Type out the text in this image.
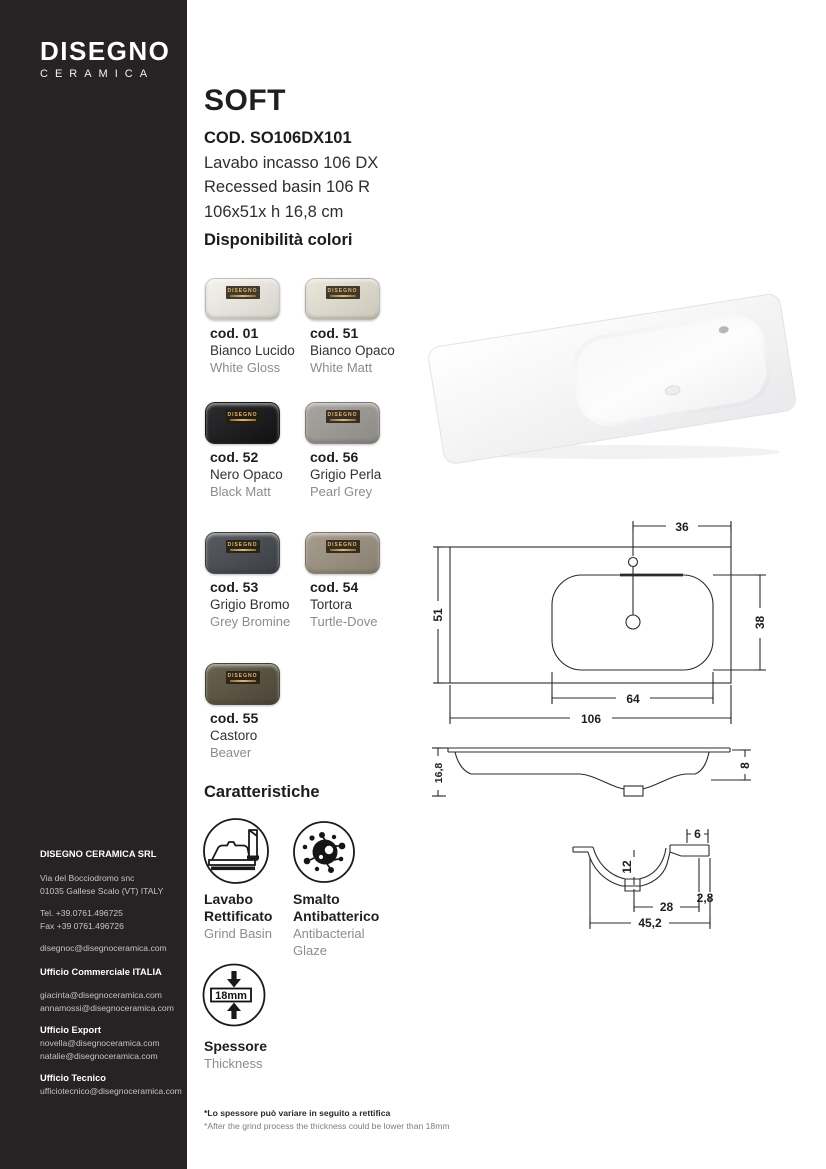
DISEGNO
CERAMICA
DISEGNO CERAMICA SRL
Via del Bocciodromo snc
01035 Gallese Scalo (VT) ITALY
Tel. +39.0761.496725
Fax +39 0761.496726
disegnoc@disegnoceramica.com
Ufficio Commerciale ITALIA
giacinta@disegnoceramica.com
annamossi@disegnoceramica.com
Ufficio Export
novella@disegnoceramica.com
natalie@disegnoceramica.com
Ufficio Tecnico
ufficiotecnico@disegnoceramica.com
SOFT
COD. SO106DX101
Lavabo incasso 106 DX
Recessed basin 106 R
106x51x h 16,8 cm
Disponibilità colori
DISEGNO
cod. 01
Bianco Lucido
White Gloss
DISEGNO
cod. 51
Bianco Opaco
White Matt
DISEGNO
cod. 52
Nero Opaco
Black Matt
DISEGNO
cod. 56
Grigio Perla
Pearl Grey
DISEGNO
cod. 53
Grigio Bromo
Grey Bromine
DISEGNO
cod. 54
Tortora
Turtle-Dove
DISEGNO
cod. 55
Castoro
Beaver
36
51
38
64
106
16,8	8
6
12
2,8
28
45,2
Caratteristiche
Lavabo
Rettificato
Grind Basin
Smalto
Antibatterico
Antibacterial
Glaze
18mm
Spessore
Thickness
*Lo spessore può variare in seguito a rettifica
*After the grind process the thickness could be lower than 18mm
